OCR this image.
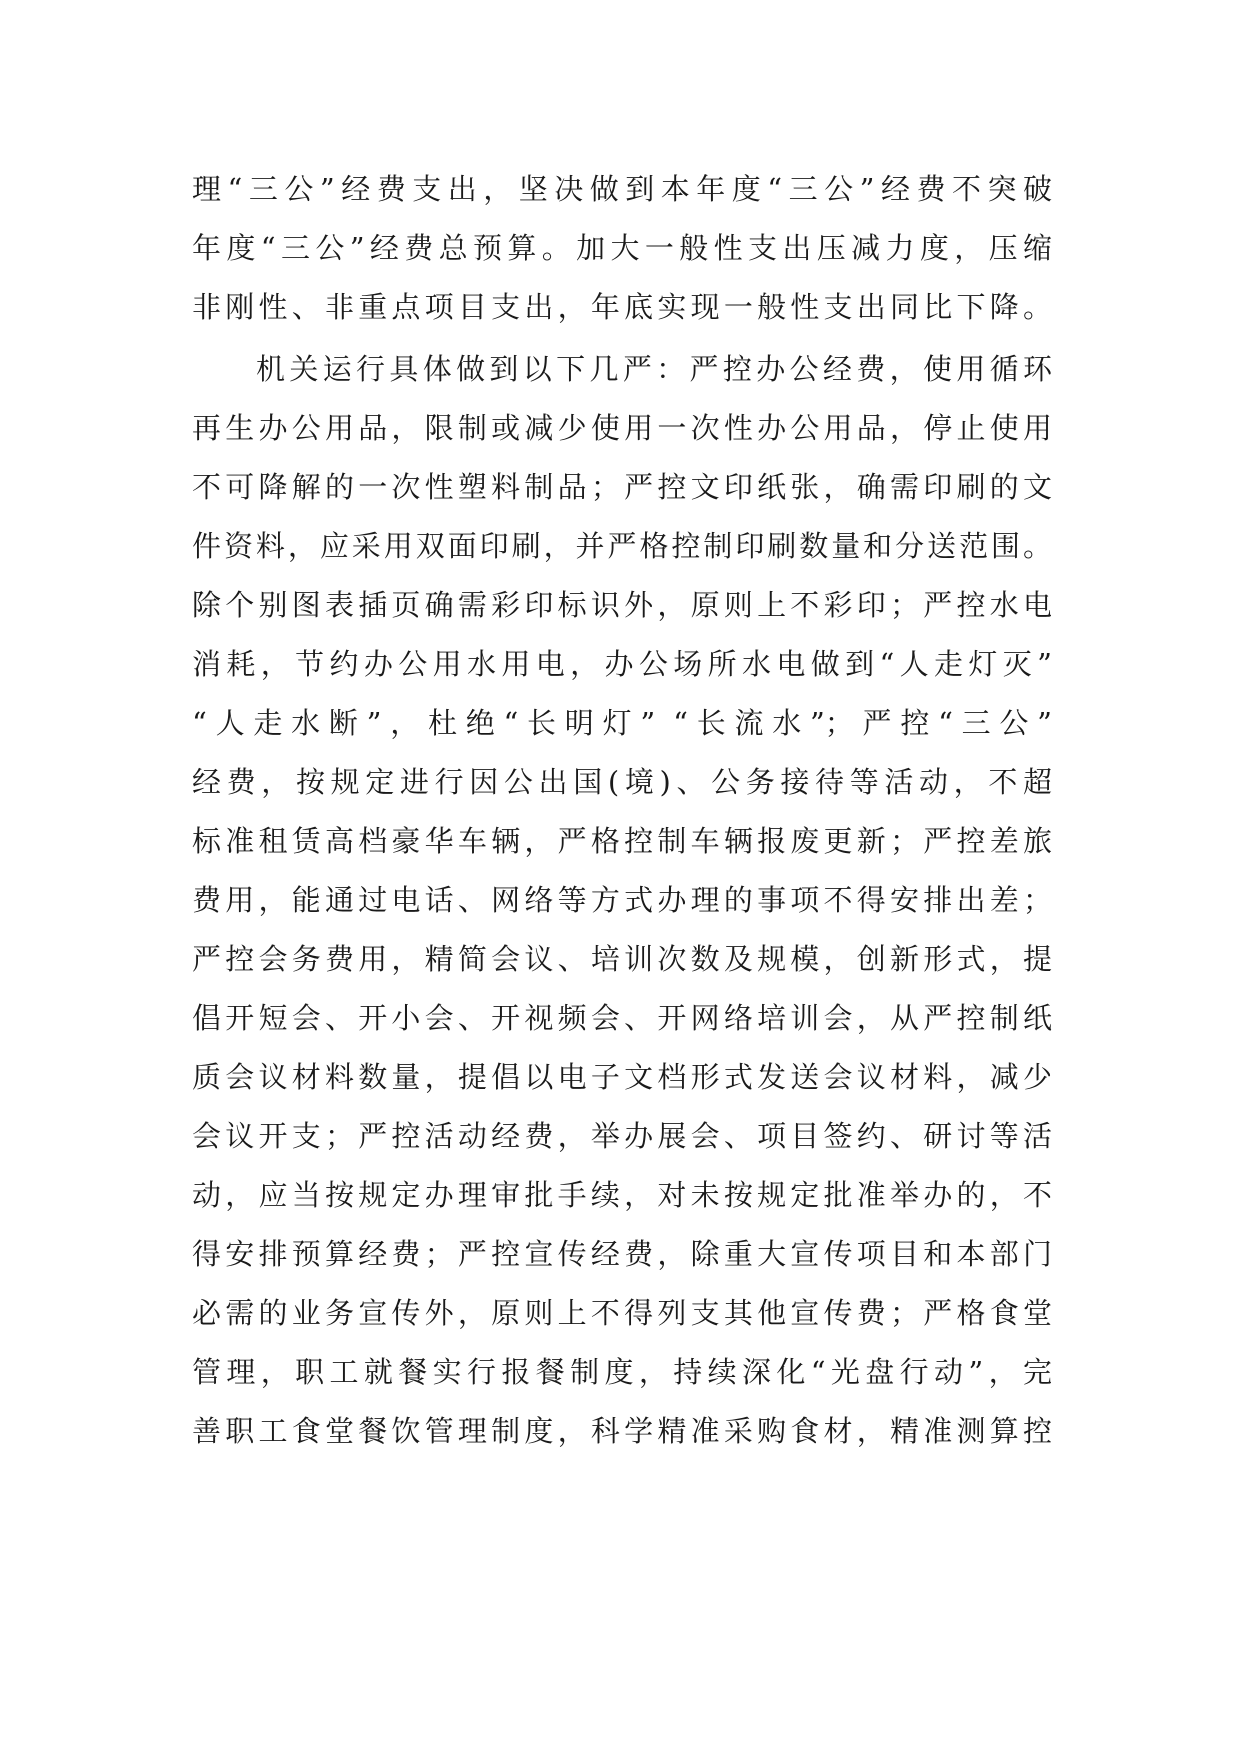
理“三公”经费支出，坚决做到本年度“三公”经费不突破
年度“三公”经费总预算。加大一般性支出压减力度，压缩
非刚性、非重点项目支出，年底实现一般性支出同比下降。
机关运行具体做到以下几严：严控办公经费，使用循环
再生办公用品，限制或减少使用一次性办公用品，停止使用
不可降解的一次性塑料制品；严控文印纸张，确需印刷的文
件资料，应采用双面印刷，并严格控制印刷数量和分送范围。
除个别图表插页确需彩印标识外，原则上不彩印；严控水电
消耗，节约办公用水用电，办公场所水电做到“人走灯灭”
“人走水断”，杜绝“长明灯” “长流水”；严控“三公”
经费，按规定进行因公出国(境)、公务接待等活动，不超
标准租赁高档豪华车辆，严格控制车辆报废更新；严控差旅
费用，能通过电话、网络等方式办理的事项不得安排出差；
严控会务费用，精简会议、培训次数及规模，创新形式，提
倡开短会、开小会、开视频会、开网络培训会，从严控制纸
质会议材料数量，提倡以电子文档形式发送会议材料，减少
会议开支；严控活动经费，举办展会、项目签约、研讨等活
动，应当按规定办理审批手续，对未按规定批准举办的，不
得安排预算经费；严控宣传经费，除重大宣传项目和本部门
必需的业务宣传外，原则上不得列支其他宣传费；严格食堂
管理，职工就餐实行报餐制度，持续深化“光盘行动”，完
善职工食堂餐饮管理制度，科学精准采购食材，精准测算控
